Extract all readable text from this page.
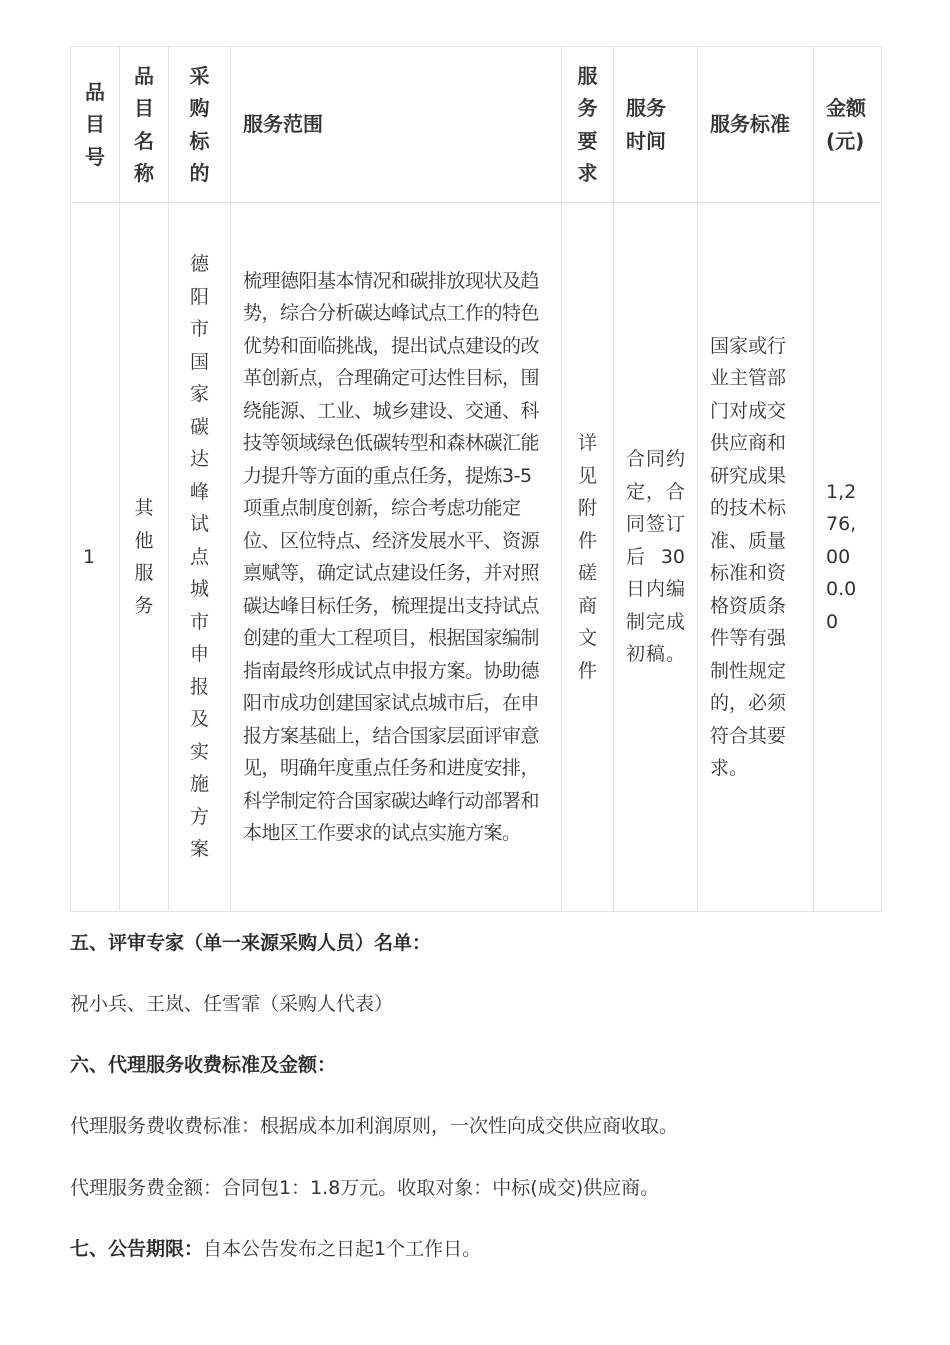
品目号	品目名称	采购标的	服务范围	服务要求	服务时间	服务标准	金额(元)

1	其他服务	德阳市国家碳达峰试点城市申报及实施方案	梳理德阳基本情况和碳排放现状及趋势，综合分析碳达峰试点工作的特色优势和面临挑战，提出试点建设的改革创新点，合理确定可达性目标，围绕能源、工业、城乡建设、交通、科技等领域绿色低碳转型和森林碳汇能力提升等方面的重点任务，提炼3-5项重点制度创新，综合考虑功能定位、区位特点、经济发展水平、资源禀赋等，确定试点建设任务，并对照碳达峰目标任务，梳理提出支持试点创建的重大工程项目，根据国家编制指南最终形成试点申报方案。协助德阳市成功创建国家试点城市后，在申报方案基础上，结合国家层面评审意见，明确年度重点任务和进度安排，科学制定符合国家碳达峰行动部署和本地区工作要求的试点实施方案。	详见附件磋商文件	合同约定，合同签订后30日内编制完成初稿。	国家或行业主管部门对成交供应商和研究成果的技术标准、质量标准和资格资质条件等有强制性规定的，必须符合其要求。	1,276,000.00
五、评审专家（单一来源采购人员）名单：
祝小兵、王岚、任雪霏（采购人代表）
六、代理服务收费标准及金额：
代理服务费收费标准：根据成本加利润原则，一次性向成交供应商收取。
代理服务费金额：合同包1：1.8万元。收取对象：中标(成交)供应商。
七、公告期限：自本公告发布之日起1个工作日。
